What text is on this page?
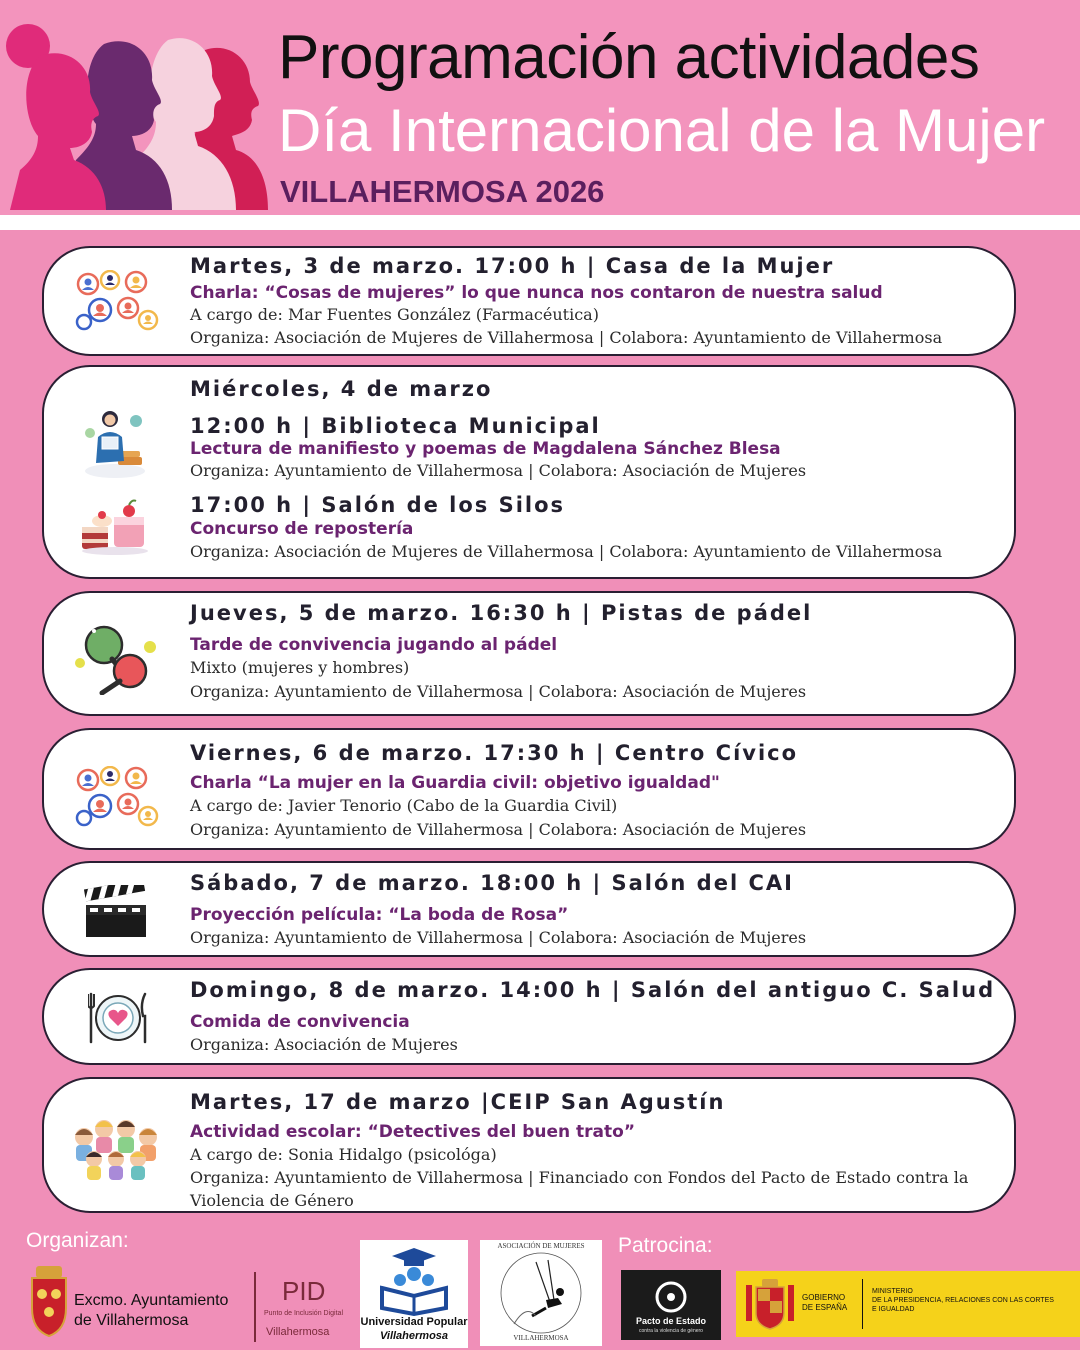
Programación actividades
Día Internacional de la Mujer
VILLAHERMOSA 2026
Martes, 3 de marzo. 17:00 h | Casa de la Mujer
Charla: “Cosas de mujeres” lo que nunca nos contaron de nuestra salud
A cargo de: Mar Fuentes González (Farmacéutica)
Organiza: Asociación de Mujeres de Villahermosa | Colabora: Ayuntamiento de Villahermosa
Miércoles, 4 de marzo
12:00 h | Biblioteca Municipal
Lectura de manifiesto y poemas de Magdalena Sánchez Blesa
Organiza: Ayuntamiento de Villahermosa | Colabora: Asociación de Mujeres
17:00 h | Salón de los Silos
Concurso de repostería
Organiza: Asociación de Mujeres de Villahermosa | Colabora: Ayuntamiento de Villahermosa
Jueves, 5 de marzo. 16:30 h | Pistas de pádel
Tarde de convivencia jugando al pádel
Mixto (mujeres y hombres)
Organiza: Ayuntamiento de Villahermosa | Colabora: Asociación de Mujeres
Viernes, 6 de marzo. 17:30 h | Centro Cívico
Charla “La mujer en la Guardia civil: objetivo igualdad"
A cargo de: Javier Tenorio (Cabo de la Guardia Civil)
Organiza: Ayuntamiento de Villahermosa | Colabora: Asociación de Mujeres
Sábado, 7 de marzo. 18:00 h | Salón del CAI
Proyección película: “La boda de Rosa”
Organiza: Ayuntamiento de Villahermosa | Colabora: Asociación de Mujeres
Domingo, 8 de marzo. 14:00 h | Salón del antiguo C. Salud
Comida de convivencia
Organiza: Asociación de Mujeres
Martes, 17 de marzo |CEIP San Agustín
Actividad escolar: “Detectives del buen trato”
A cargo de: Sonia Hidalgo (psicológa)
Organiza: Ayuntamiento de Villahermosa | Financiado con Fondos del Pacto de Estado contra la
Violencia de Género
Organizan:	Patrocina:
Excmo. Ayuntamiento
de Villahermosa
PID
Punto de Inclusión Digital
Villahermosa
Universidad Popular
Villahermosa
ASOCIACIÓN DE MUJERES
VILLAHERMOSA
Pacto de Estado
contra la violencia de género
GOBIERNO
DE ESPAÑA
MINISTERIO
DE LA PRESIDENCIA, RELACIONES CON LAS CORTES
E IGUALDAD
